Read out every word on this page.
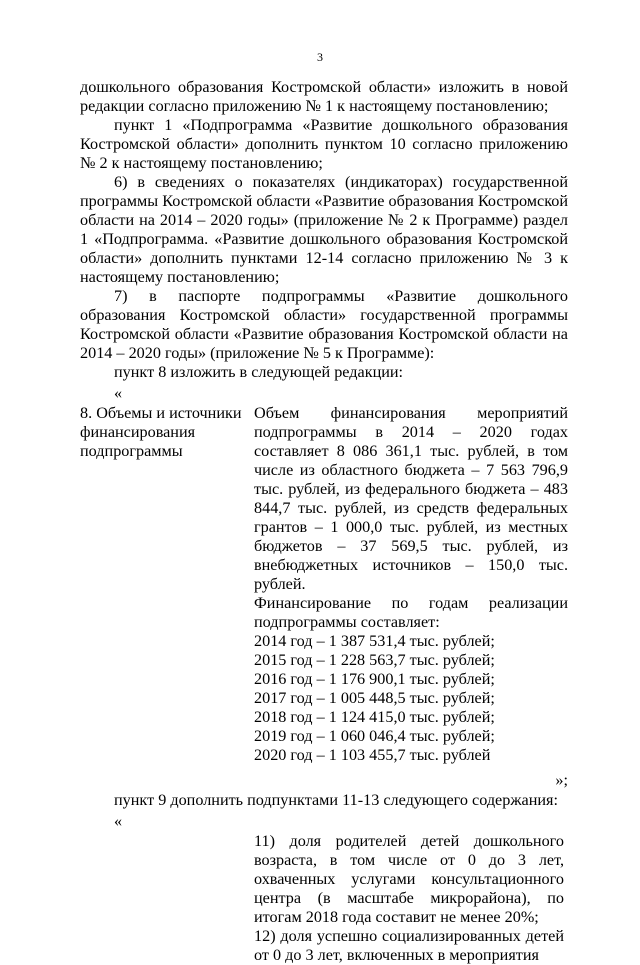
3

дошкольного образования Костромской области» изложить в новой редакции согласно приложению № 1 к настоящему постановлению;

пункт 1 «Подпрограмма «Развитие дошкольного образования Костромской области» дополнить пунктом 10 согласно приложению № 2 к настоящему постановлению;

6) в сведениях о показателях (индикаторах) государственной программы Костромской области «Развитие образования Костромской области на 2014 – 2020 годы» (приложение № 2 к Программе) раздел 1 «Подпрограмма. «Развитие дошкольного образования Костромской области» дополнить пунктами 12-14 согласно приложению № 3 к настоящему постановлению;

7) в паспорте подпрограммы «Развитие дошкольного образования Костромской области» государственной программы Костромской области «Развитие образования Костромской области на 2014 – 2020 годы» (приложение № 5 к Программе):

пункт 8 изложить в следующей редакции:

«
8. Объемы и источники финансирования подпрограммы

Объем финансирования мероприятий подпрограммы в 2014 – 2020 годах составляет 8 086 361,1 тыс. рублей, в том числе из областного бюджета – 7 563 796,9 тыс. рублей, из федерального бюджета – 483 844,7 тыс. рублей, из средств федеральных грантов – 1 000,0 тыс. рублей, из местных бюджетов – 37 569,5 тыс. рублей, из внебюджетных источников – 150,0 тыс. рублей.

Финансирование по годам реализации подпрограммы составляет:

2014 год – 1 387 531,4 тыс. рублей;
2015 год – 1 228 563,7 тыс. рублей;
2016 год – 1 176 900,1 тыс. рублей;
2017 год – 1 005 448,5 тыс. рублей;
2018 год – 1 124 415,0 тыс. рублей;
2019 год – 1 060 046,4 тыс. рублей;
2020 год – 1 103 455,7 тыс. рублей
»;

пункт 9 дополнить подпунктами 11-13 следующего содержания:

«

11) доля родителей детей дошкольного возраста, в том числе от 0 до 3 лет, охваченных услугами консультационного центра (в масштабе микрорайона), по итогам 2018 года составит не менее 20%;

12) доля успешно социализированных детей от 0 до 3 лет, включенных в мероприятия
